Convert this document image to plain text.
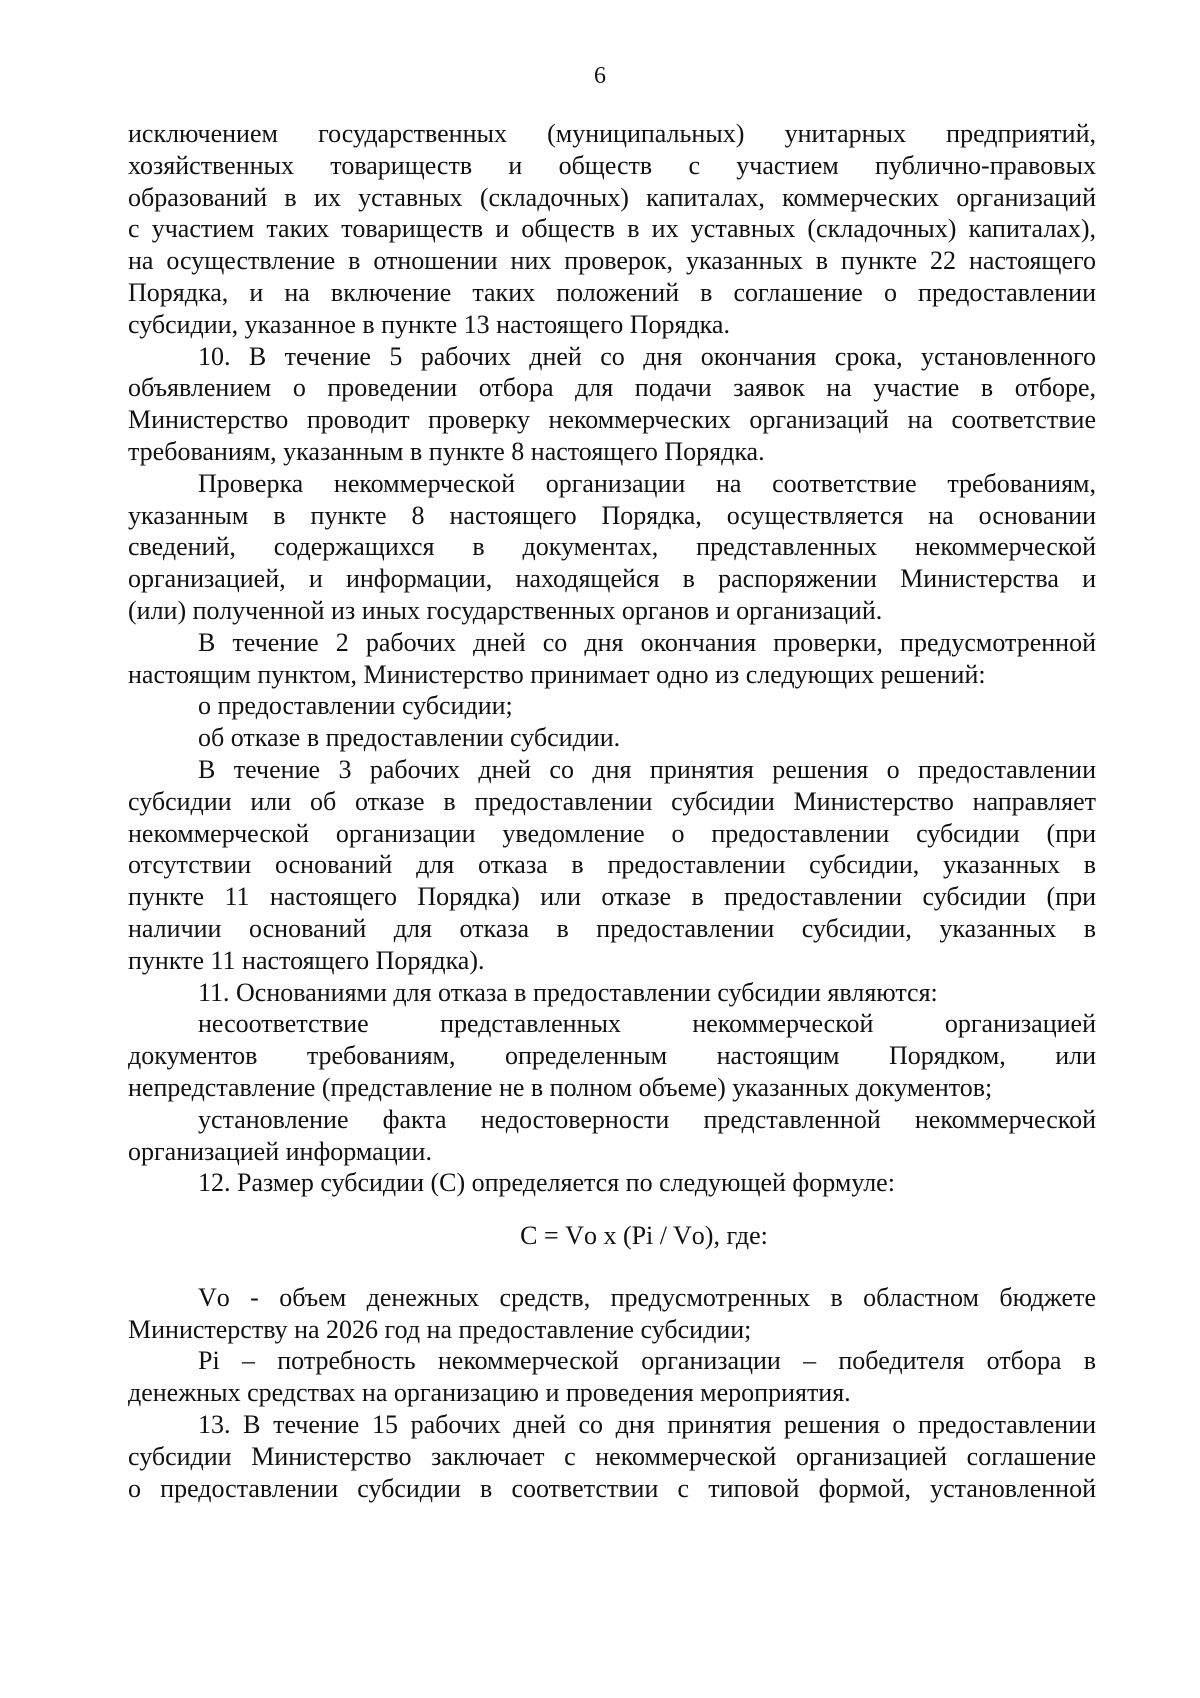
6

исключением государственных (муниципальных) унитарных предприятий,

хозяйственных товариществ и обществ с участием публично-правовых

образований в их уставных (складочных) капиталах, коммерческих организаций

с участием таких товариществ и обществ в их уставных (складочных) капиталах),

на осуществление в отношении них проверок, указанных в пункте 22 настоящего

Порядка, и на включение таких положений в соглашение о предоставлении

субсидии, указанное в пункте 13 настоящего Порядка.

10. В течение 5 рабочих дней со дня окончания срока, установленного

объявлением о проведении отбора для подачи заявок на участие в отборе,

Министерство проводит проверку некоммерческих организаций на соответствие

требованиям, указанным в пункте 8 настоящего Порядка.

Проверка некоммерческой организации на соответствие требованиям,

указанным в пункте 8 настоящего Порядка, осуществляется на основании

сведений, содержащихся в документах, представленных некоммерческой

организацией, и информации, находящейся в распоряжении Министерства и

(или) полученной из иных государственных органов и организаций.

В течение 2 рабочих дней со дня окончания проверки, предусмотренной

настоящим пунктом, Министерство принимает одно из следующих решений:

о предоставлении субсидии;

об отказе в предоставлении субсидии.

В течение 3 рабочих дней со дня принятия решения о предоставлении

субсидии или об отказе в предоставлении субсидии Министерство направляет

некоммерческой организации уведомление о предоставлении субсидии (при

отсутствии оснований для отказа в предоставлении субсидии, указанных в

пункте 11 настоящего Порядка) или отказе в предоставлении субсидии (при

наличии оснований для отказа в предоставлении субсидии, указанных в

пункте 11 настоящего Порядка).

11. Основаниями для отказа в предоставлении субсидии являются:

несоответствие представленных некоммерческой организацией

документов требованиям, определенным настоящим Порядком, или

непредставление (представление не в полном объеме) указанных документов;

установление факта недостоверности представленной некоммерческой

организацией информации.

12. Размер субсидии (С) определяется по следующей формуле:

С = Vо х (Рi / Vо), где:

Vо - объем денежных средств, предусмотренных в областном бюджете

Министерству на 2026 год на предоставление субсидии;

Рi – потребность некоммерческой организации – победителя отбора в

денежных средствах на организацию и проведения мероприятия.

13. В течение 15 рабочих дней со дня принятия решения о предоставлении

субсидии Министерство заключает с некоммерческой организацией соглашение

о предоставлении субсидии в соответствии с типовой формой, установленной
